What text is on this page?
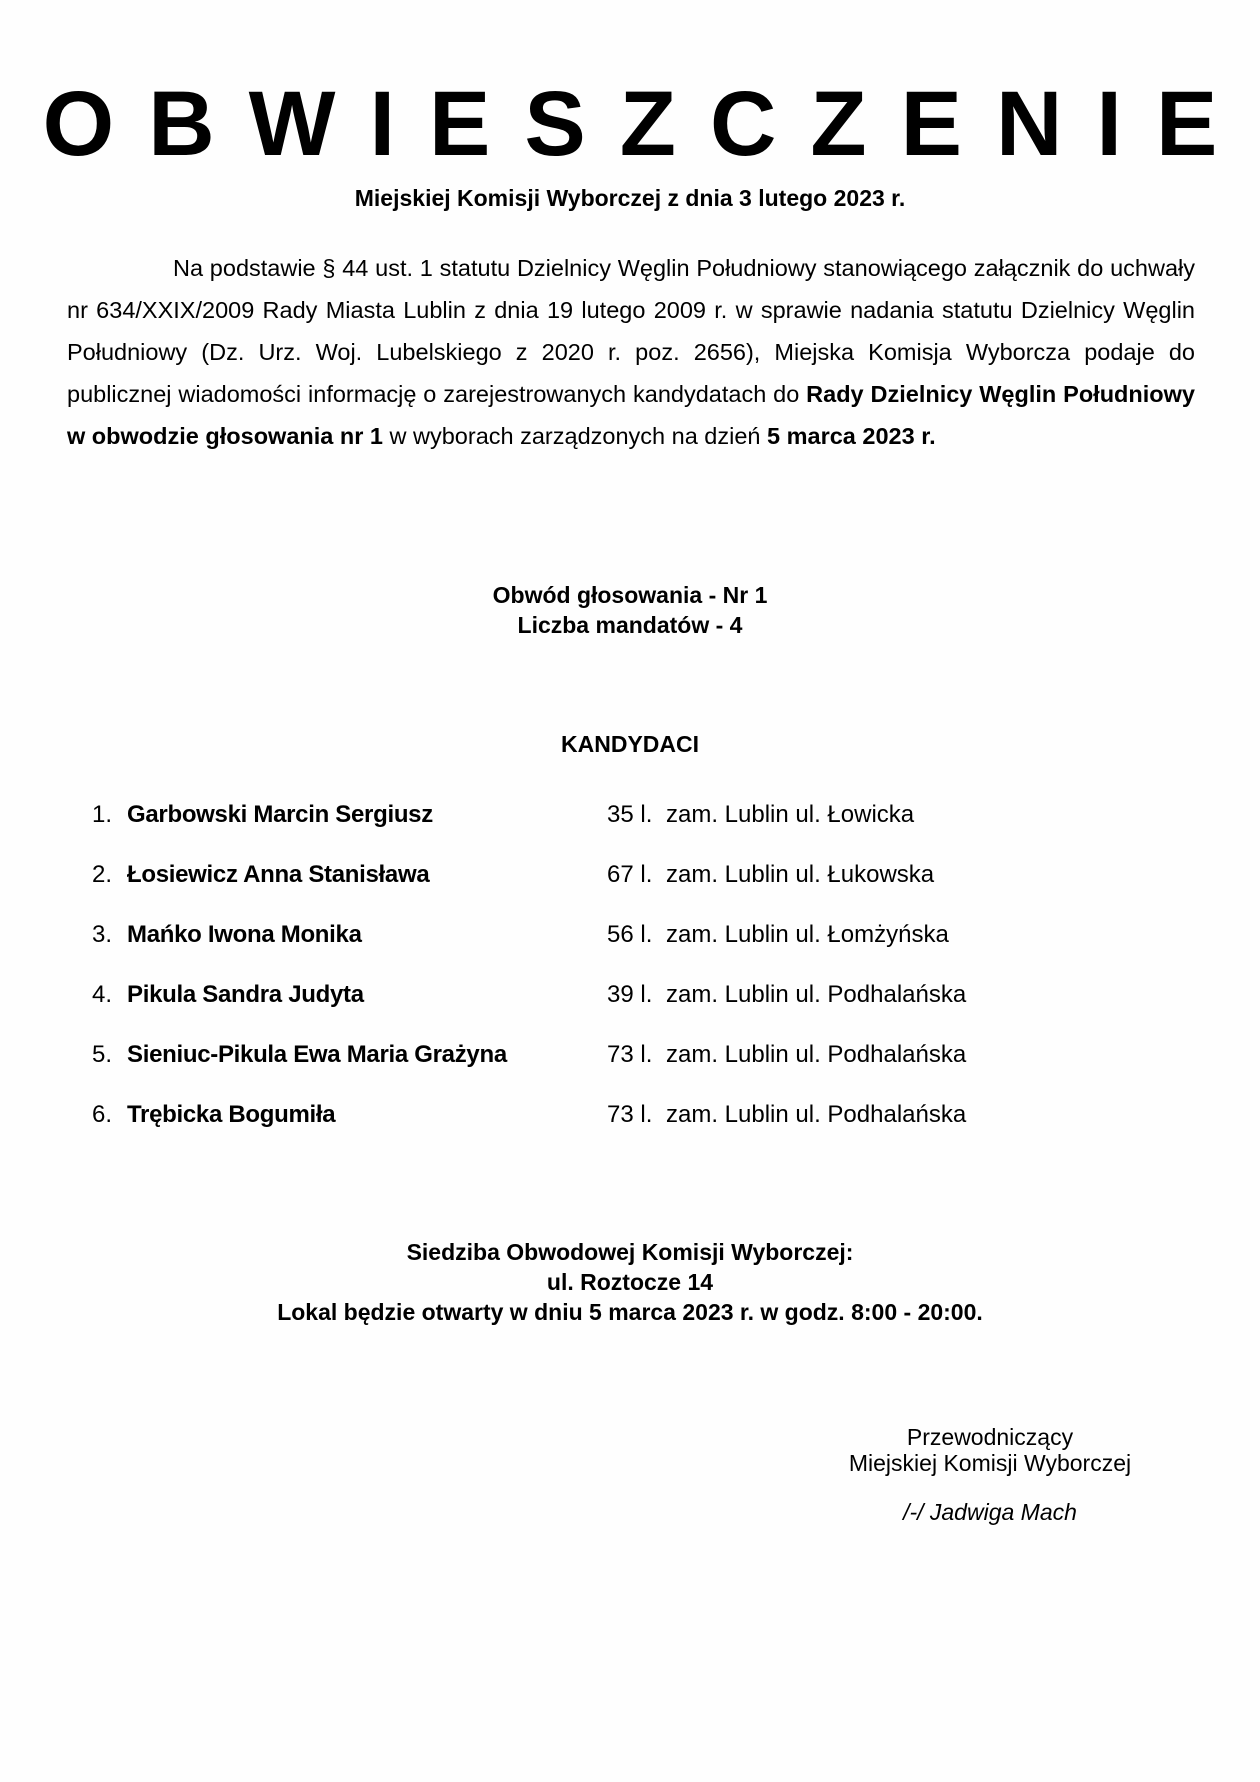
OBWIESZCZENIE
Miejskiej Komisji Wyborczej z dnia 3 lutego 2023 r.

Na podstawie § 44 ust. 1 statutu Dzielnicy Węglin Południowy stanowiącego załącznik do uchwały nr 634/XXIX/2009 Rady Miasta Lublin z dnia 19 lutego 2009 r. w sprawie nadania statutu Dzielnicy Węglin Południowy (Dz. Urz. Woj. Lubelskiego z 2020 r. poz. 2656), Miejska Komisja Wyborcza podaje do publicznej wiadomości informację o zarejestrowanych kandydatach do Rady Dzielnicy Węglin Południowy w obwodzie głosowania nr 1 w wyborach zarządzonych na dzień 5 marca 2023 r.

Obwód głosowania - Nr 1
Liczba mandatów - 4
KANDYDACI
1. Garbowski Marcin Sergiusz	35 l. zam. Lublin ul. Łowicka
2. Łosiewicz Anna Stanisława	67 l. zam. Lublin ul. Łukowska
3. Mańko Iwona Monika	56 l. zam. Lublin ul. Łomżyńska
4. Pikula Sandra Judyta	39 l. zam. Lublin ul. Podhalańska
5. Sieniuc-Pikula Ewa Maria Grażyna	73 l. zam. Lublin ul. Podhalańska
6. Trębicka Bogumiła	73 l. zam. Lublin ul. Podhalańska
Siedziba Obwodowej Komisji Wyborczej:
ul. Roztocze 14
Lokal będzie otwarty w dniu 5 marca 2023 r. w godz. 8:00 - 20:00.
Przewodniczący
Miejskiej Komisji Wyborczej
/-/ Jadwiga Mach
